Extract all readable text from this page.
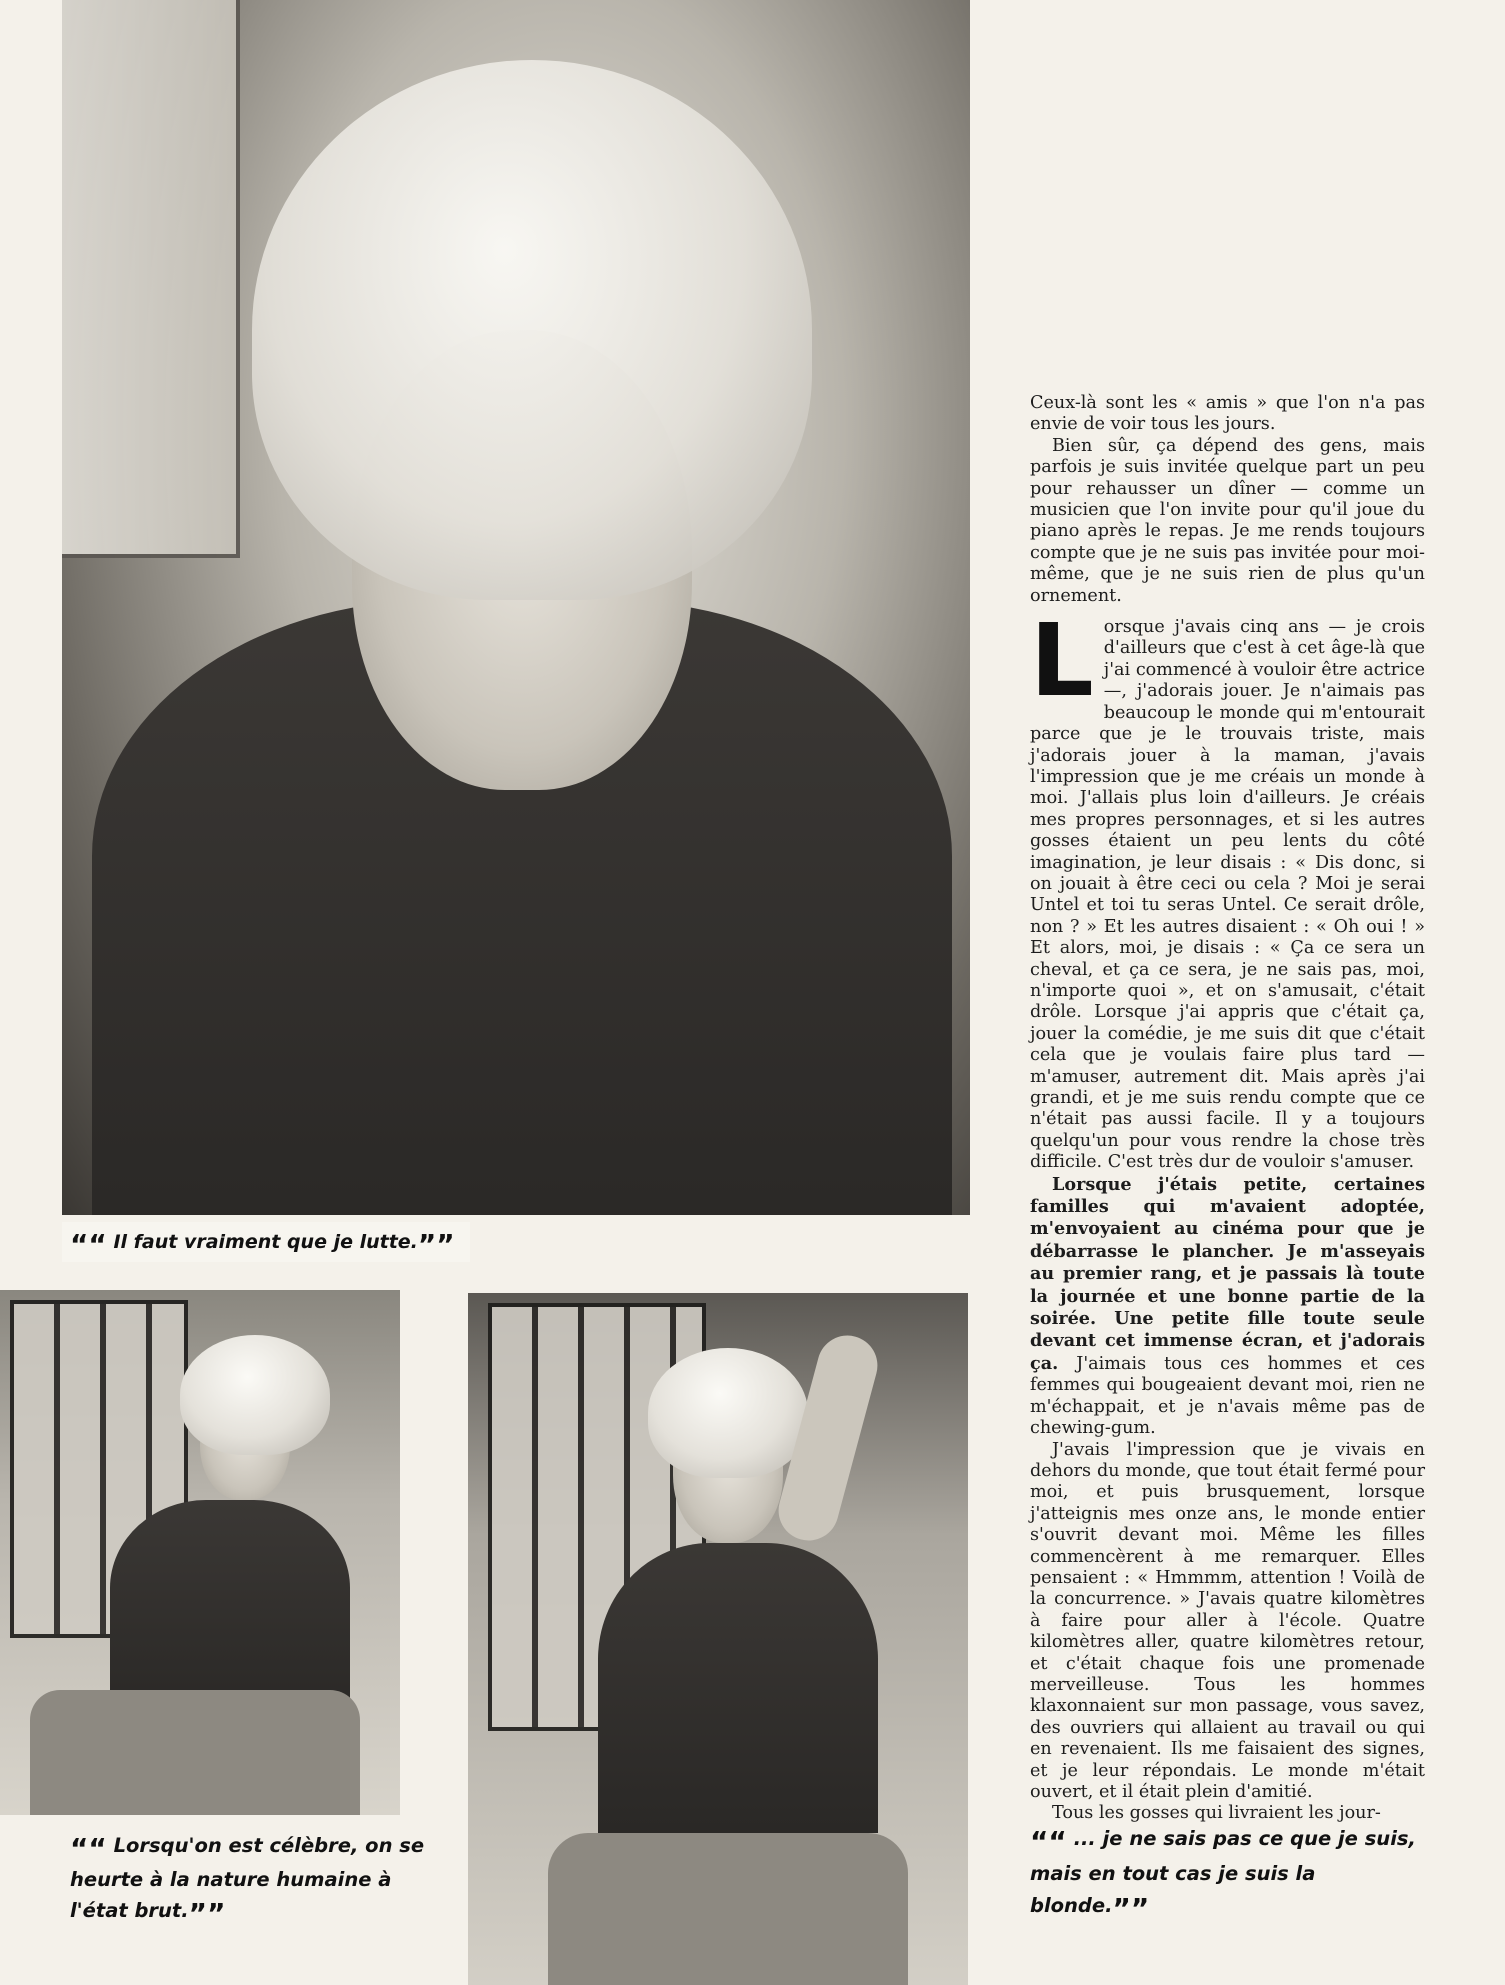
““ Il faut vraiment que je lutte.””
““ Lorsqu'on est célèbre, on se heurte à la nature humaine à l'état brut.””

Ceux-là sont les « amis » que l'on n'a pas envie de voir tous les jours.

Bien sûr, ça dépend des gens, mais parfois je suis invitée quelque part un peu pour rehausser un dîner — comme un musicien que l'on invite pour qu'il joue du piano après le repas. Je me rends toujours compte que je ne suis pas invitée pour moi-même, que je ne suis rien de plus qu'un ornement.

Lorsque j'avais cinq ans — je crois d'ailleurs que c'est à cet âge-là que j'ai commencé à vouloir être actrice —, j'adorais jouer. Je n'aimais pas beaucoup le monde qui m'entourait parce que je le trouvais triste, mais j'adorais jouer à la maman, j'avais l'impression que je me créais un monde à moi. J'allais plus loin d'ailleurs. Je créais mes propres personnages, et si les autres gosses étaient un peu lents du côté imagination, je leur disais : « Dis donc, si on jouait à être ceci ou cela ? Moi je serai Untel et toi tu seras Untel. Ce serait drôle, non ? » Et les autres disaient : « Oh oui ! » Et alors, moi, je disais : « Ça ce sera un cheval, et ça ce sera, je ne sais pas, moi, n'importe quoi », et on s'amusait, c'était drôle. Lorsque j'ai appris que c'était ça, jouer la comédie, je me suis dit que c'était cela que je voulais faire plus tard — m'amuser, autrement dit. Mais après j'ai grandi, et je me suis rendu compte que ce n'était pas aussi facile. Il y a toujours quelqu'un pour vous rendre la chose très difficile. C'est très dur de vouloir s'amuser.

Lorsque j'étais petite, certaines familles qui m'avaient adoptée, m'envoyaient au cinéma pour que je débarrasse le plancher. Je m'asseyais au premier rang, et je passais là toute la journée et une bonne partie de la soirée. Une petite fille toute seule devant cet immense écran, et j'adorais ça. J'aimais tous ces hommes et ces femmes qui bougeaient devant moi, rien ne m'échappait, et je n'avais même pas de chewing-gum.

J'avais l'impression que je vivais en dehors du monde, que tout était fermé pour moi, et puis brusquement, lorsque j'atteignis mes onze ans, le monde entier s'ouvrit devant moi. Même les filles commencèrent à me remarquer. Elles pensaient : « Hmmmm, attention ! Voilà de la concurrence. » J'avais quatre kilomètres à faire pour aller à l'école. Quatre kilomètres aller, quatre kilomètres retour, et c'était chaque fois une promenade merveilleuse. Tous les hommes klaxonnaient sur mon passage, vous savez, des ouvriers qui allaient au travail ou qui en revenaient. Ils me faisaient des signes, et je leur répondais. Le monde m'était ouvert, et il était plein d'amitié.

Tous les gosses qui livraient les jour-

““ ... je ne sais pas ce que je suis, mais en tout cas je suis la blonde.””
